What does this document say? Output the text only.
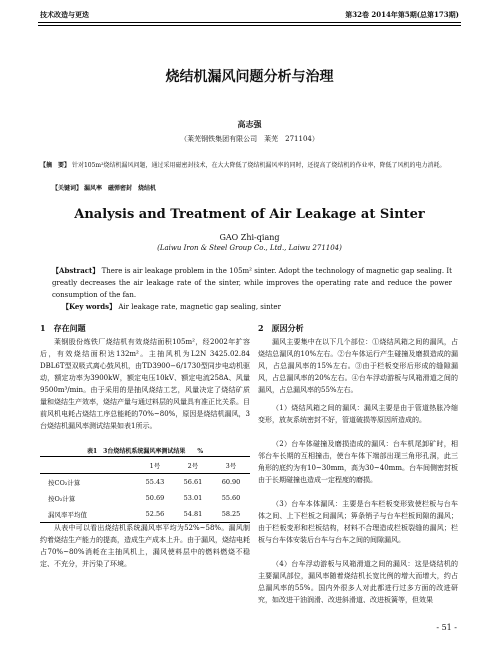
技术改造与更迭	第32卷 2014年第5期(总第173期)
烧结机漏风问题分析与治理
高志强
（莱芜钢铁集团有限公司　莱芜　271104）
【摘　要】 针对105m²烧结机漏风问题，通过采用磁密封技术，在大大降低了烧结机漏风率的同时，还提高了烧结机的作业率，降低了风机的电力消耗。
【关键词】 漏风率　磁弹密封　烧结机
Analysis and Treatment of Air Leakage at Sinter
GAO Zhi-qiang
(Laiwu Iron & Steel Group Co., Ltd., Laiwu 271104)
【Abstract】 There is air leakage problem in the 105m² sinter. Adopt the technology of magnetic gap sealing. It greatly decreases the air leakage rate of the sinter, while improves the operating rate and reduce the power consumption of the fan.
【Key words】 Air leakage rate, magnetic gap sealing, sinter
1　存在问题
莱钢股份炼铁厂烧结机有效烧结面积105m²，经2002年扩容后，有效烧结面积达132m²。主抽风机为L2N 3425.02.84 DBL6T型双吸式离心鼓风机，由TD3900−6/1730型同步电动机驱动，额定功率为3900kW，额定电压10kV、额定电流258A、风量9500m³/min。由于采用的是抽风烧结工艺，风量决定了烧结矿质量和烧结生产效率，烧结产量与通过料层的风量具有准正比关系。目前风机电耗占烧结工序总能耗的70%~80%，原因是烧结机漏风，3台烧结机漏风率测试结果如表1所示。
表1　3台烧结机系统漏风率测试结果　　%
	1号	2号	3号
按CO₂计算	55.43	56.61	60.90
按O₂计算	50.69	53.01	55.60
漏风率平均值	52.56	54.81	58.25
从表中可以看出烧结机系统漏风率平均为52%~58%。漏风制约着烧结生产能力的提高，造成生产成本上升。由于漏风，烧结电耗占70%~80%消耗在主抽风机上，漏风使料层中的燃料燃烧不稳定、不充分，并污染了环境。
2　原因分析
漏风主要集中在以下几个部位：①烧结风箱之间的漏风，占烧结总漏风的10%左右。②台车体运行产生碰撞及磨损造成的漏风，占总漏风率的15%左右。③由于栏板变形后形成的缝隙漏风，占总漏风率的20%左右。④台车浮动游板与风箱滑道之间的漏风，占总漏风率的55%左右。
（1）烧结风箱之间的漏风：漏风主要是由于管道热胀冷缩变形，放灰系统密封不好，管道破损等原因所造成的。
（2）台车体碰撞及磨损造成的漏风：台车机尾卸矿时，相邻台车长期的互相撞击，使台车体下端部出现三角形孔洞，此三角形的底约为有10~30mm，高为30~40mm。台车间侧密封板由于长期碰撞也造成一定程度的磨损。
（3）台车本体漏风：主要是台车栏板变形致使栏板与台车体之间、上下栏板之间漏风；箅条销子与台车栏板间隙的漏风；由于栏板变形和栏板结构，材料不合理造成栏板裂缝的漏风；栏板与台车体安装后台车与台车之间的间隙漏风。
（4）台车浮动游板与风箱滑道之间的漏风：这是烧结机的主要漏风部位，漏风率随着烧结机长宽比例的增大而增大，约占总漏风率的55%。国内外很多人对此都进行过多方面的改进研究，如改进干油润滑、改进斜滑道、改进板簧等，但效果
- 51 -
